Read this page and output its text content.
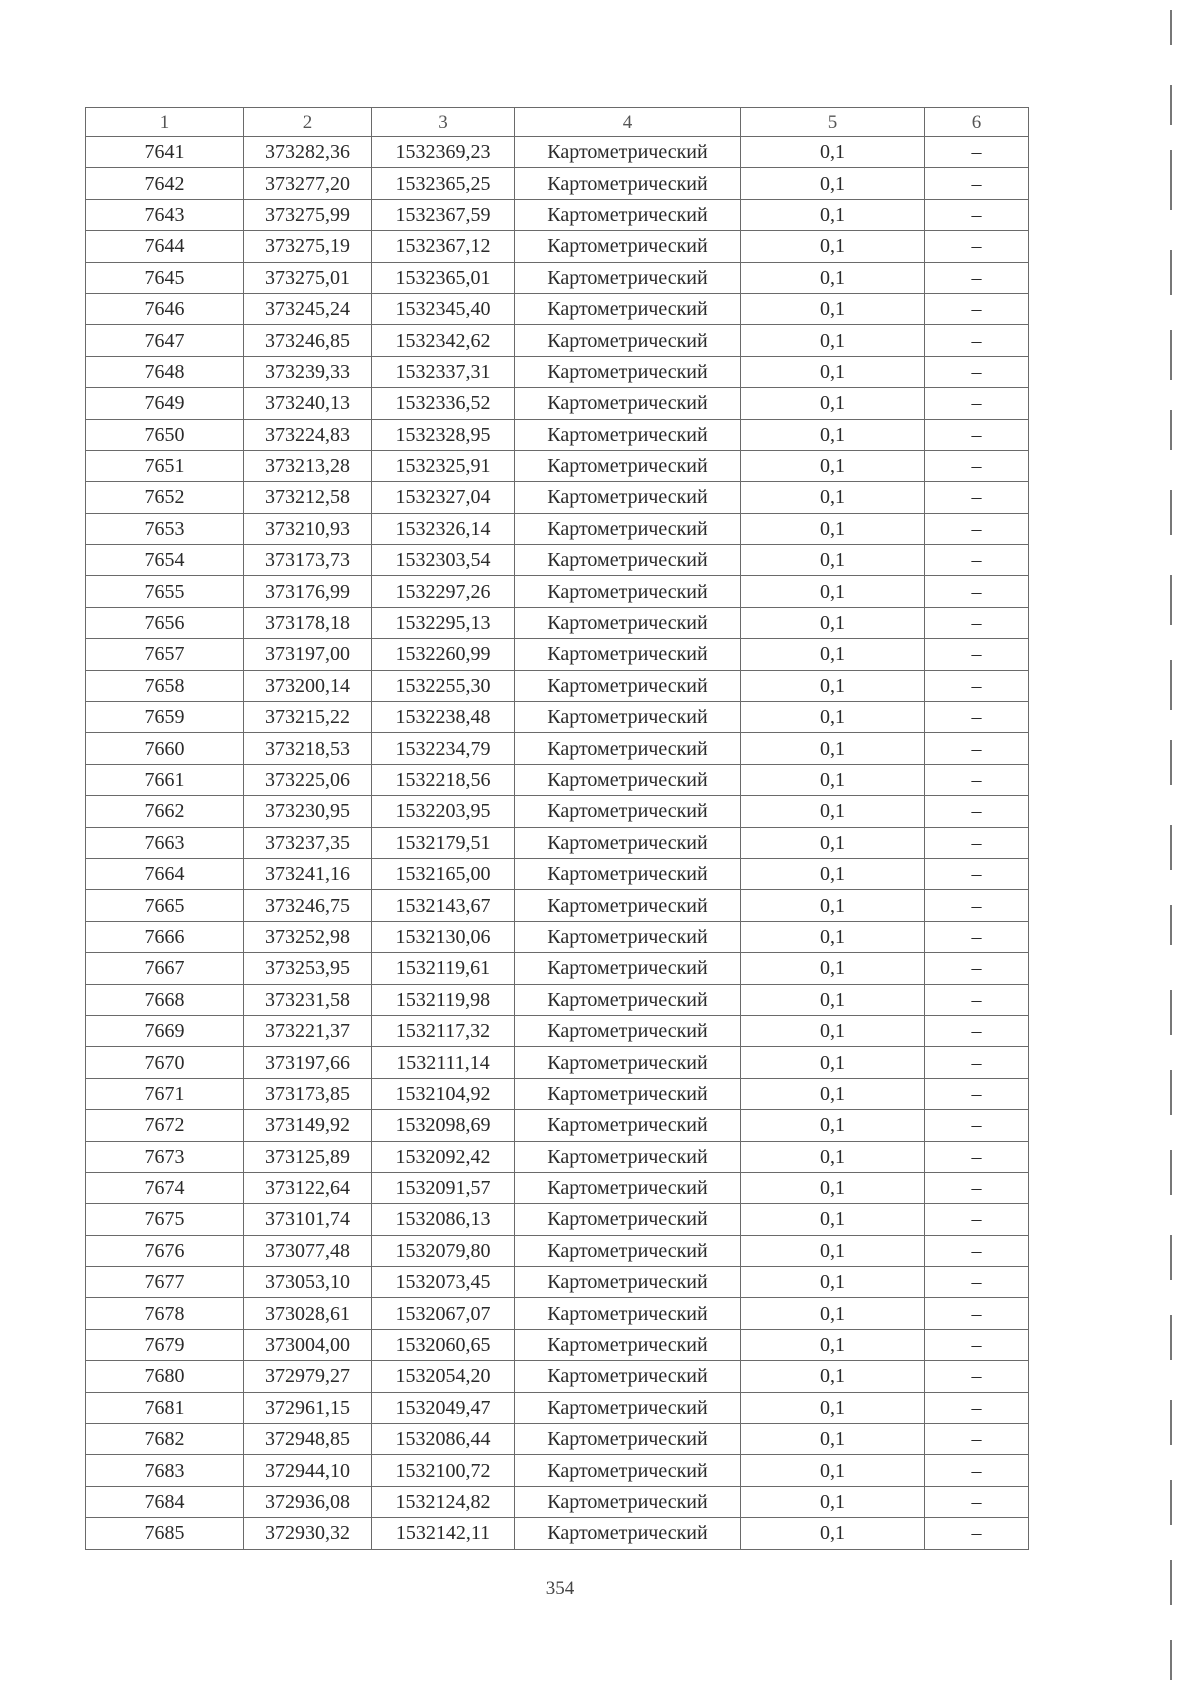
1	2	3	4	5	6
7641	373282,36	1532369,23	Картометрический	0,1	–
7642	373277,20	1532365,25	Картометрический	0,1	–
7643	373275,99	1532367,59	Картометрический	0,1	–
7644	373275,19	1532367,12	Картометрический	0,1	–
7645	373275,01	1532365,01	Картометрический	0,1	–
7646	373245,24	1532345,40	Картометрический	0,1	–
7647	373246,85	1532342,62	Картометрический	0,1	–
7648	373239,33	1532337,31	Картометрический	0,1	–
7649	373240,13	1532336,52	Картометрический	0,1	–
7650	373224,83	1532328,95	Картометрический	0,1	–
7651	373213,28	1532325,91	Картометрический	0,1	–
7652	373212,58	1532327,04	Картометрический	0,1	–
7653	373210,93	1532326,14	Картометрический	0,1	–
7654	373173,73	1532303,54	Картометрический	0,1	–
7655	373176,99	1532297,26	Картометрический	0,1	–
7656	373178,18	1532295,13	Картометрический	0,1	–
7657	373197,00	1532260,99	Картометрический	0,1	–
7658	373200,14	1532255,30	Картометрический	0,1	–
7659	373215,22	1532238,48	Картометрический	0,1	–
7660	373218,53	1532234,79	Картометрический	0,1	–
7661	373225,06	1532218,56	Картометрический	0,1	–
7662	373230,95	1532203,95	Картометрический	0,1	–
7663	373237,35	1532179,51	Картометрический	0,1	–
7664	373241,16	1532165,00	Картометрический	0,1	–
7665	373246,75	1532143,67	Картометрический	0,1	–
7666	373252,98	1532130,06	Картометрический	0,1	–
7667	373253,95	1532119,61	Картометрический	0,1	–
7668	373231,58	1532119,98	Картометрический	0,1	–
7669	373221,37	1532117,32	Картометрический	0,1	–
7670	373197,66	1532111,14	Картометрический	0,1	–
7671	373173,85	1532104,92	Картометрический	0,1	–
7672	373149,92	1532098,69	Картометрический	0,1	–
7673	373125,89	1532092,42	Картометрический	0,1	–
7674	373122,64	1532091,57	Картометрический	0,1	–
7675	373101,74	1532086,13	Картометрический	0,1	–
7676	373077,48	1532079,80	Картометрический	0,1	–
7677	373053,10	1532073,45	Картометрический	0,1	–
7678	373028,61	1532067,07	Картометрический	0,1	–
7679	373004,00	1532060,65	Картометрический	0,1	–
7680	372979,27	1532054,20	Картометрический	0,1	–
7681	372961,15	1532049,47	Картометрический	0,1	–
7682	372948,85	1532086,44	Картометрический	0,1	–
7683	372944,10	1532100,72	Картометрический	0,1	–
7684	372936,08	1532124,82	Картометрический	0,1	–
7685	372930,32	1532142,11	Картометрический	0,1	–
354
